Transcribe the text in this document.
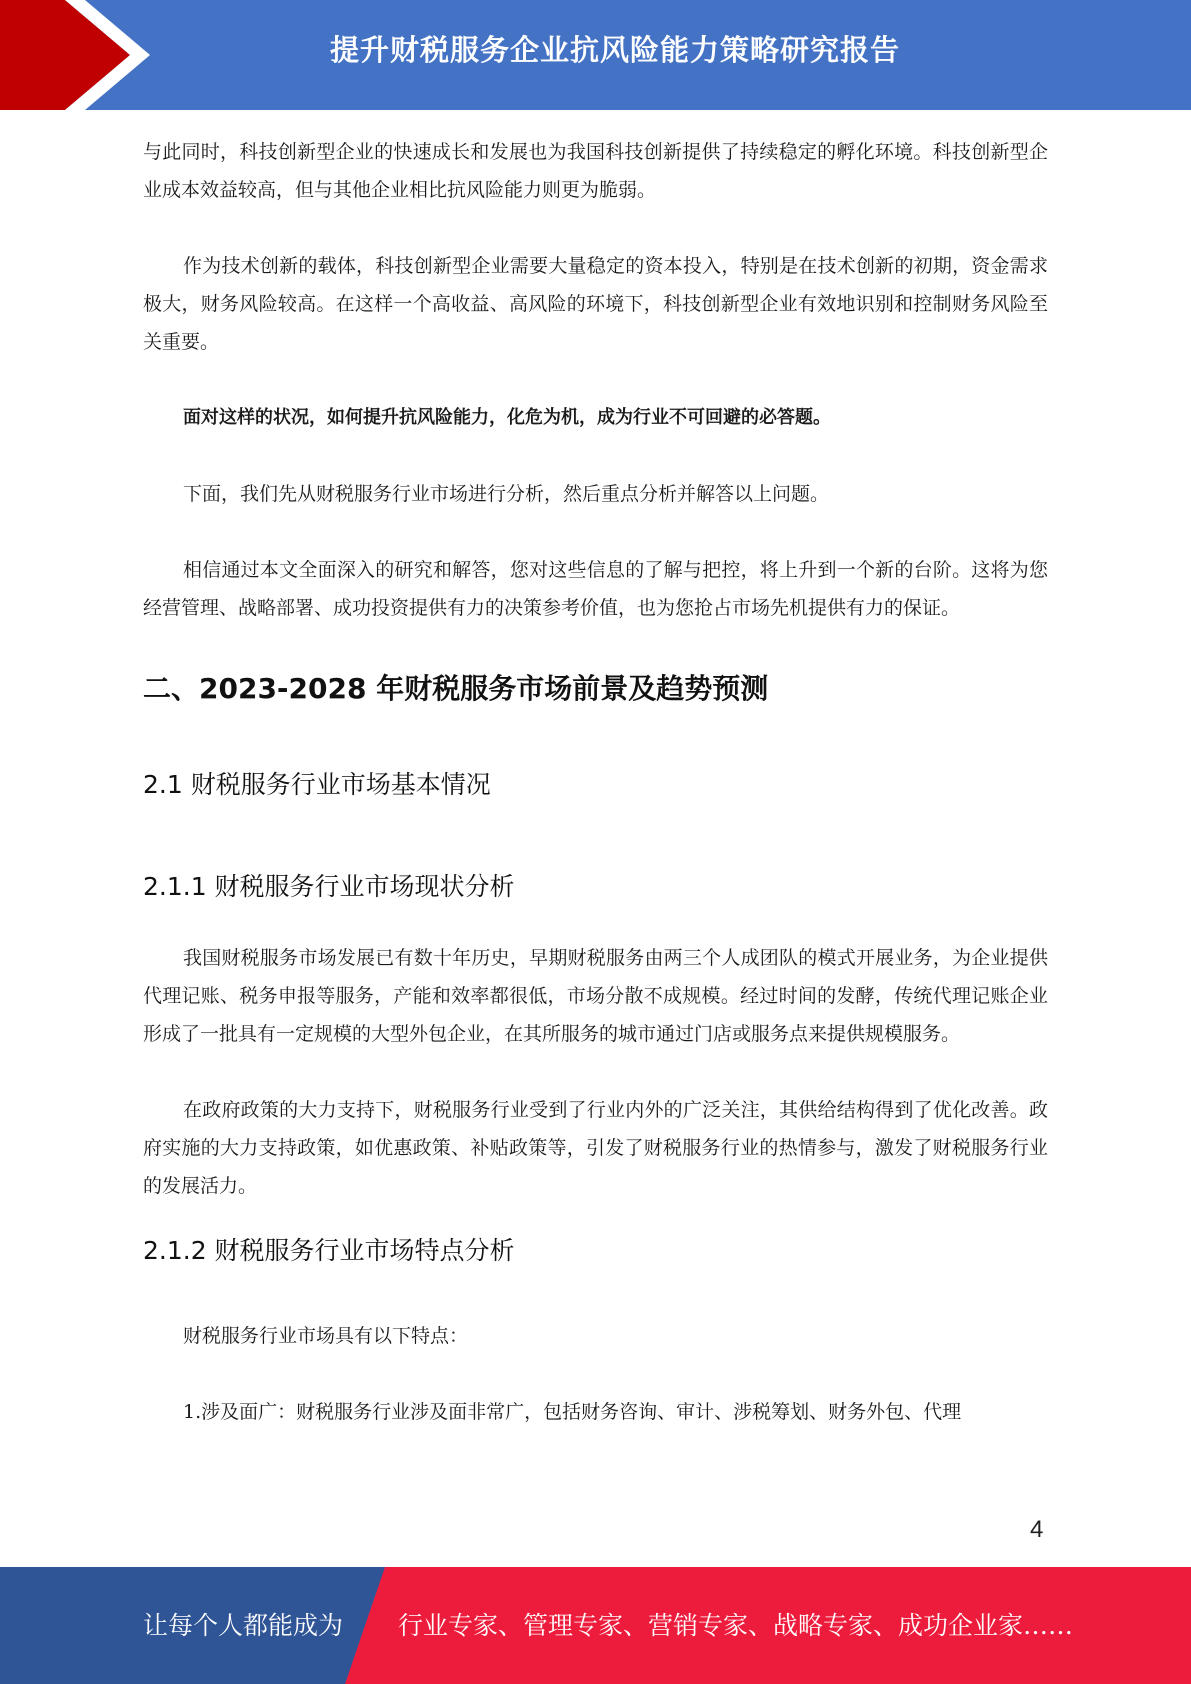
提升财税服务企业抗风险能力策略研究报告

与此同时，科技创新型企业的快速成长和发展也为我国科技创新提供了持续稳定的孵化环境。科技创新型企业成本效益较高，但与其他企业相比抗风险能力则更为脆弱。

作为技术创新的载体，科技创新型企业需要大量稳定的资本投入，特别是在技术创新的初期，资金需求极大，财务风险较高。在这样一个高收益、高风险的环境下，科技创新型企业有效地识别和控制财务风险至关重要。

面对这样的状况，如何提升抗风险能力，化危为机，成为行业不可回避的必答题。

下面，我们先从财税服务行业市场进行分析，然后重点分析并解答以上问题。

相信通过本文全面深入的研究和解答，您对这些信息的了解与把控，将上升到一个新的台阶。这将为您经营管理、战略部署、成功投资提供有力的决策参考价值，也为您抢占市场先机提供有力的保证。

二、2023-2028 年财税服务市场前景及趋势预测
2.1 财税服务行业市场基本情况
2.1.1 财税服务行业市场现状分析

我国财税服务市场发展已有数十年历史，早期财税服务由两三个人成团队的模式开展业务，为企业提供代理记账、税务申报等服务，产能和效率都很低，市场分散不成规模。经过时间的发酵，传统代理记账企业形成了一批具有一定规模的大型外包企业，在其所服务的城市通过门店或服务点来提供规模服务。

在政府政策的大力支持下，财税服务行业受到了行业内外的广泛关注，其供给结构得到了优化改善。政府实施的大力支持政策，如优惠政策、补贴政策等，引发了财税服务行业的热情参与，激发了财税服务行业的发展活力。

2.1.2 财税服务行业市场特点分析

财税服务行业市场具有以下特点：

1.涉及面广：财税服务行业涉及面非常广，包括财务咨询、审计、涉税筹划、财务外包、代理

4
让每个人都能成为 行业专家、管理专家、营销专家、战略专家、成功企业家……
